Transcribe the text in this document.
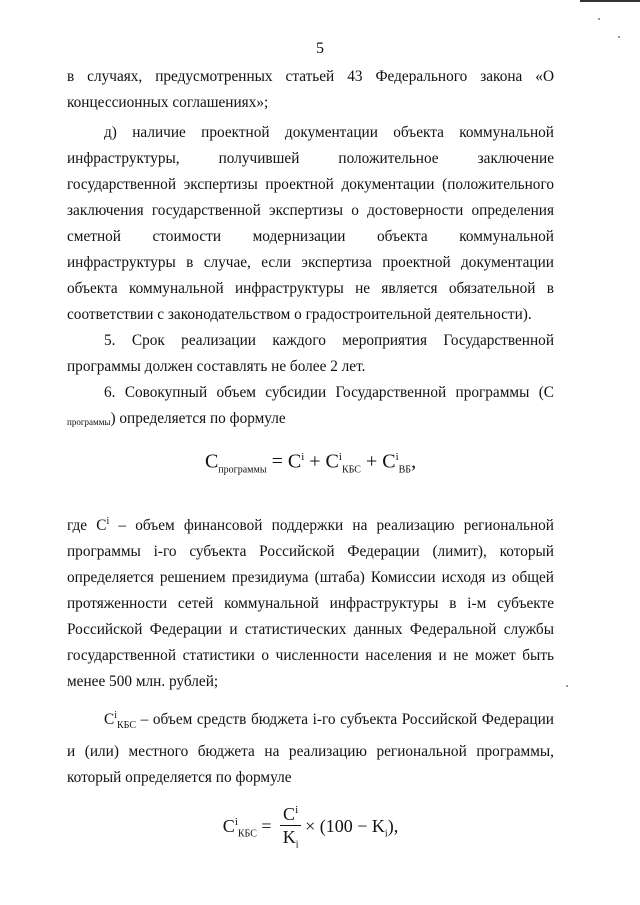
5

в случаях, предусмотренных статьей 43 Федерального закона «О концессионных соглашениях»;

д) наличие проектной документации объекта коммунальной инфраструктуры, получившей положительное заключение государственной экспертизы проектной документации (положительного заключения государственной экспертизы о достоверности определения сметной стоимости модернизации объекта коммунальной инфраструктуры в случае, если экспертиза проектной документации объекта коммунальной инфраструктуры не является обязательной в соответствии с законодательством о градостроительной деятельности).

5. Срок реализации каждого мероприятия Государственной программы должен составлять не более 2 лет.

6. Совокупный объем субсидии Государственной программы (С программы) определяется по формуле

$C_{программы} = C^i + C^i_{КБС} + C^i_{ВБ}$,

где $С^i$ – объем финансовой поддержки на реализацию региональной программы i-го субъекта Российской Федерации (лимит), который определяется решением президиума (штаба) Комиссии исходя из общей протяженности сетей коммунальной инфраструктуры в i-м субъекте Российской Федерации и статистических данных Федеральной службы государственной статистики о численности населения и не может быть менее 500 млн. рублей;

$C^i_{КБС}$ – объем средств бюджета i-го субъекта Российской Федерации и (или) местного бюджета на реализацию региональной программы, который определяется по формуле

$C^i_{КБС} = \frac{C^i}{K_i} \times (100 - K_i)$,
